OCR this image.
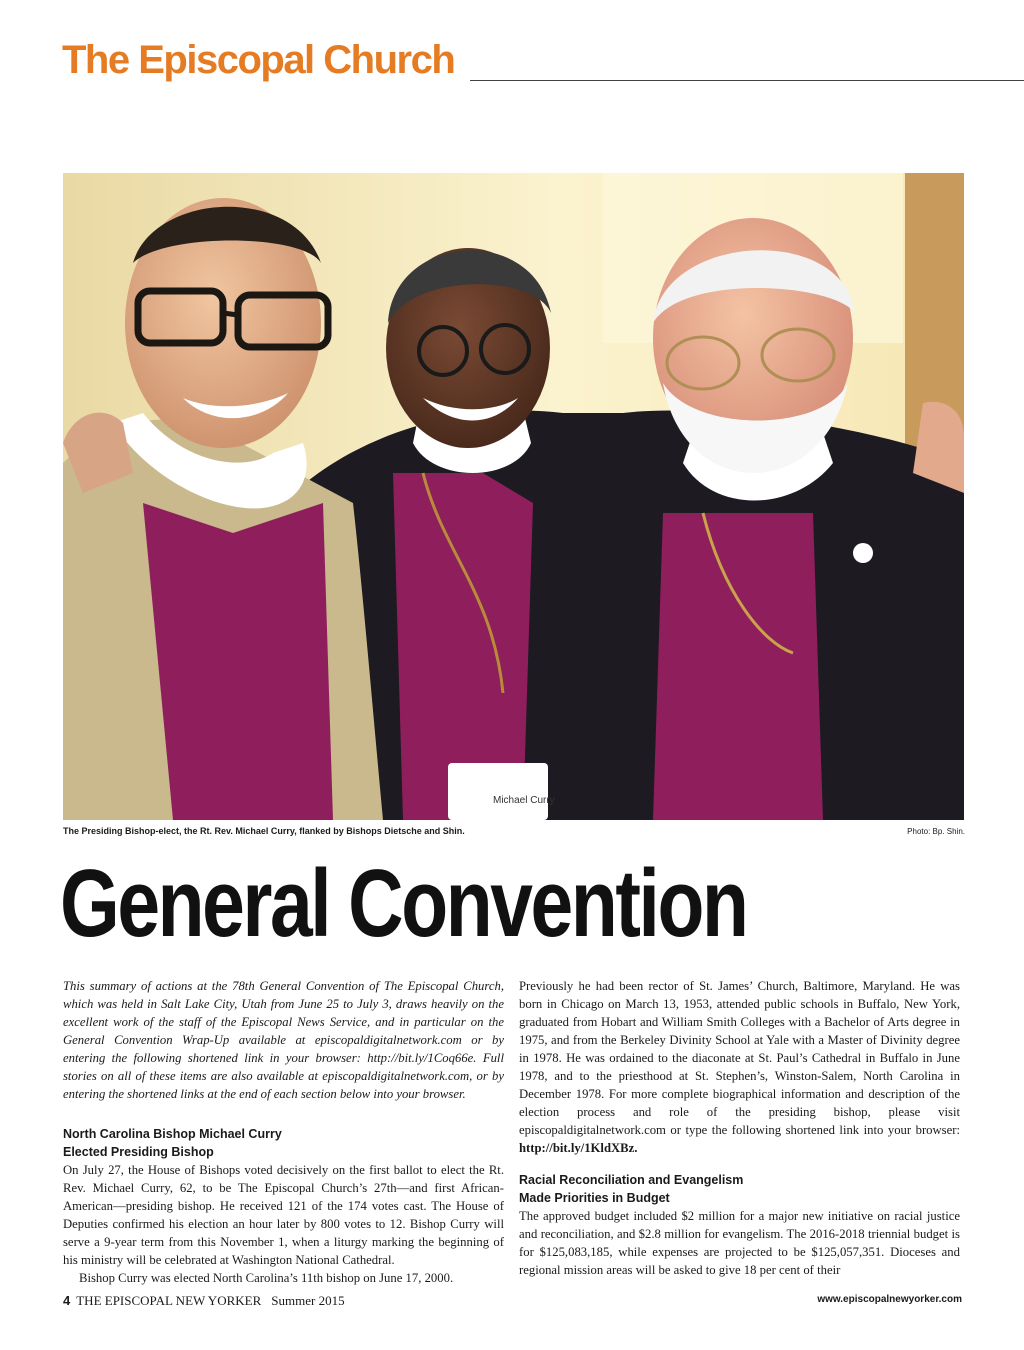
The Episcopal Church
Michael Curry
The Presiding Bishop-elect, the Rt. Rev. Michael Curry, flanked by Bishops Dietsche and Shin.	Photo: Bp. Shin.
General Convention

This summary of actions at the 78th General Convention of The Episcopal Church, which was held in Salt Lake City, Utah from June 25 to July 3, draws heavily on the excellent work of the staff of the Episcopal News Service, and in particular on the General Convention Wrap-Up available at episcopaldigitalnetwork.com or by entering the following shortened link in your browser: http://bit.ly/1Coq66e. Full stories on all of these items are also available at episcopaldigitalnetwork.com, or by entering the shortened links at the end of each section below into your browser.

North Carolina Bishop Michael Curry

Elected Presiding Bishop

On July 27, the House of Bishops voted decisively on the first ballot to elect the Rt. Rev. Michael Curry, 62, to be The Episcopal Church’s 27th—and first African-American—presiding bishop. He received 121 of the 174 votes cast. The House of Deputies confirmed his election an hour later by 800 votes to 12. Bishop Curry will serve a 9-year term from this November 1, when a liturgy marking the beginning of his ministry will be celebrated at Washington National Cathedral.

Bishop Curry was elected North Carolina’s 11th bishop on June 17, 2000.

Previously he had been rector of St. James’ Church, Baltimore, Maryland. He was born in Chicago on March 13, 1953, attended public schools in Buffalo, New York, graduated from Hobart and William Smith Colleges with a Bachelor of Arts degree in 1975, and from the Berkeley Divinity School at Yale with a Master of Divinity degree in 1978. He was ordained to the diaconate at St. Paul’s Cathedral in Buffalo in June 1978, and to the priesthood at St. Stephen’s, Winston-Salem, North Carolina in December 1978. For more complete biographical information and description of the election process and role of the presiding bishop, please visit episcopaldigitalnetwork.com or type the following shortened link into your browser: http://bit.ly/1KldXBz.

Racial Reconciliation and Evangelism

Made Priorities in Budget

The approved budget included $2 million for a major new initiative on racial justice and reconciliation, and $2.8 million for evangelism. The 2016-2018 triennial budget is for $125,083,185, while expenses are projected to be $125,057,351. Dioceses and regional mission areas will be asked to give 18 per cent of their

4 THE EPISCOPAL NEW YORKER Summer 2015	www.episcopalnewyorker.com
